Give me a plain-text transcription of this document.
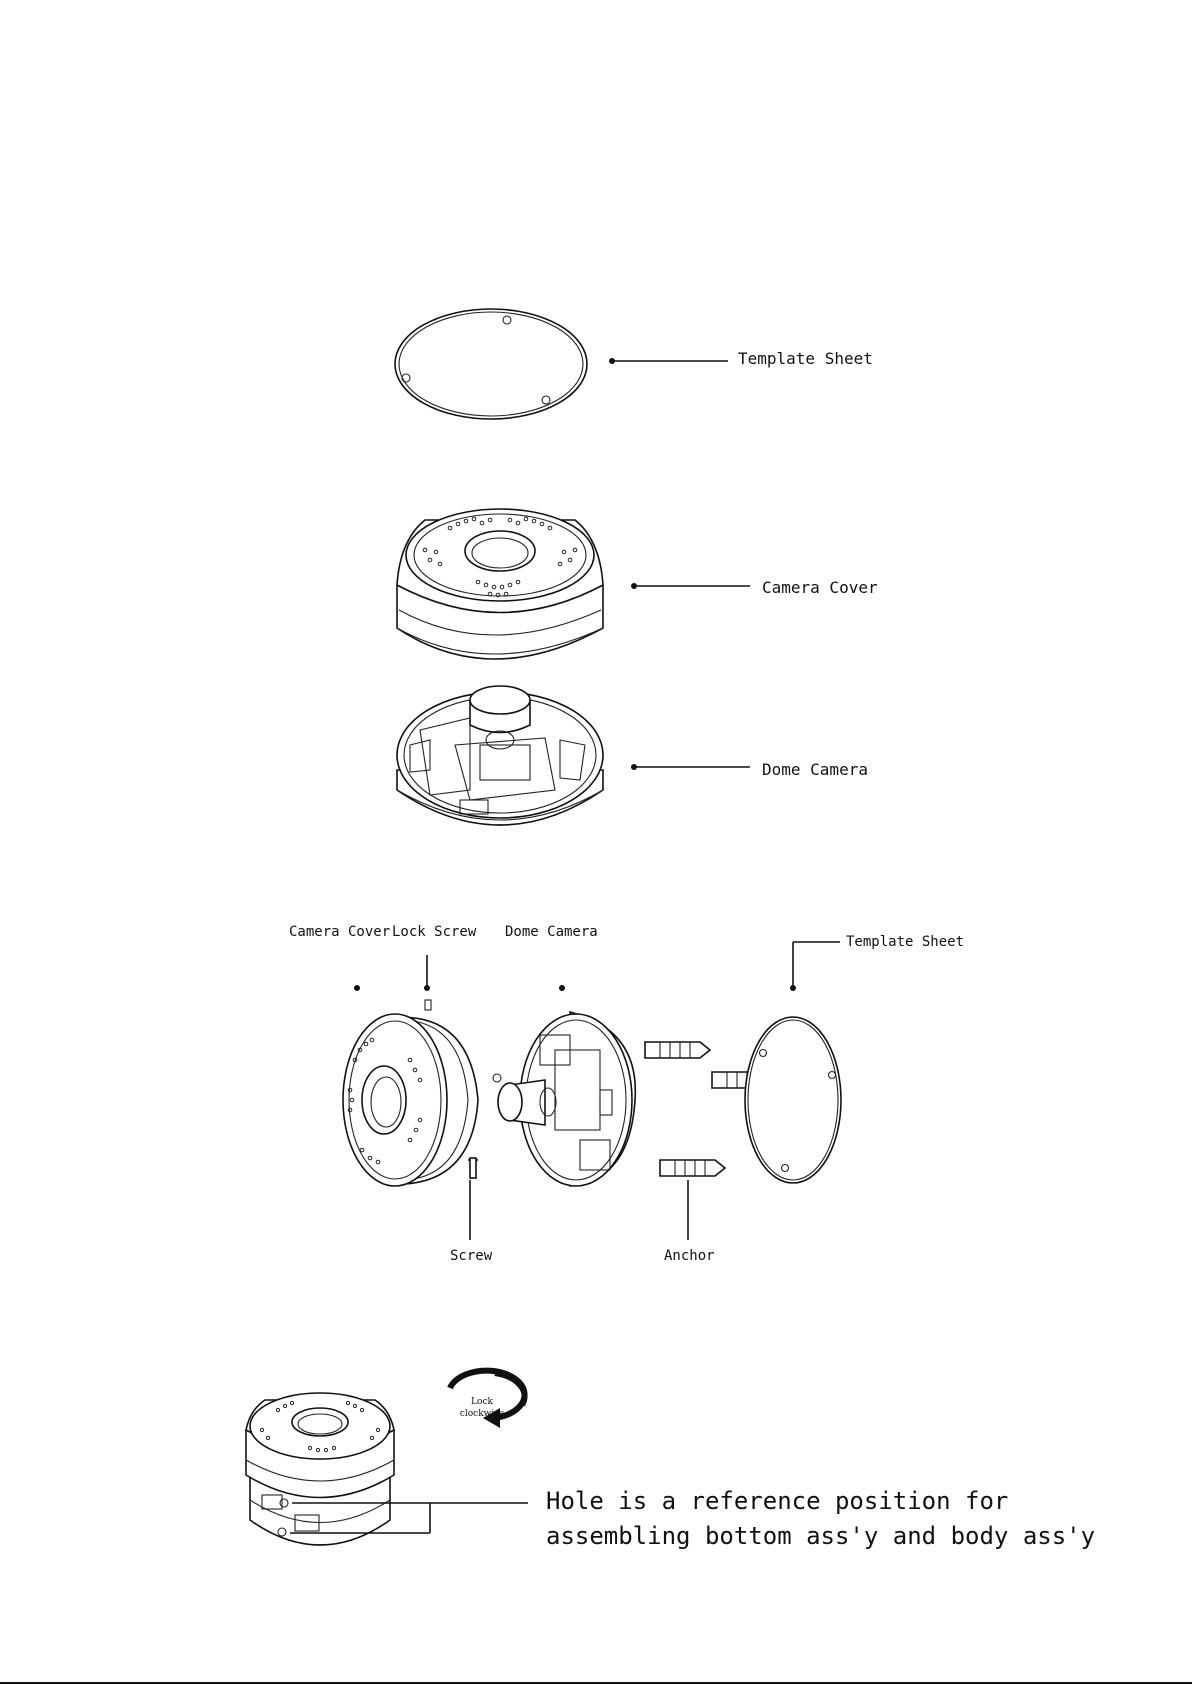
Template Sheet
Camera Cover
Dome Camera
Camera Cover Lock Screw Dome Camera
Template Sheet
Screw	Anchor
Lock
clockwise
Hole is a reference position for
assembling bottom ass'y and body ass'y
